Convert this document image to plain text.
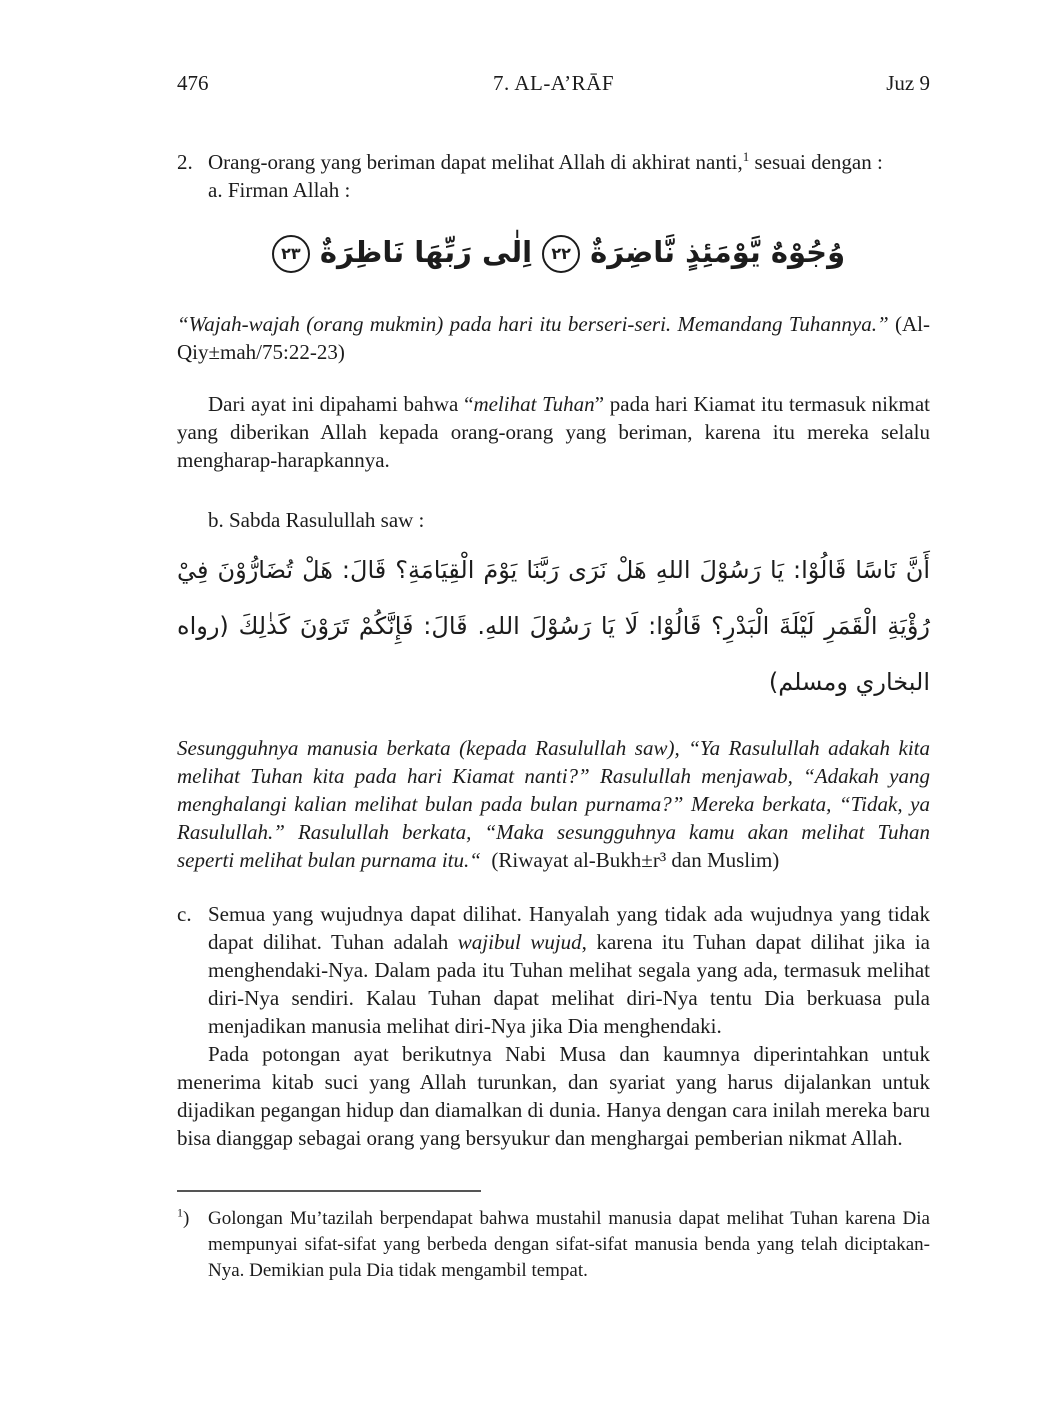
476	7. AL-A’RĀF	Juz 9

2. Orang-orang yang beriman dapat melihat Allah di akhirat nanti,$^1$ sesuai dengan :

a. Firman Allah :

وُجُوْهٌ يَّوْمَئِذٍ نَّاضِرَةٌ٢٢اِلٰى رَبِّهَا نَاظِرَةٌ٢٣

“Wajah-wajah (orang mukmin) pada hari itu berseri-seri. Memandang Tuhannya.” (Al-Qiy±mah/75:22-23)

Dari ayat ini dipahami bahwa “melihat Tuhan” pada hari Kiamat itu termasuk nikmat yang diberikan Allah kepada orang-orang yang beriman, karena itu mereka selalu mengharap-harapkannya.

b. Sabda Rasulullah saw :

أَنَّ نَاسًا قَالُوْا: يَا رَسُوْلَ اللهِ هَلْ نَرَى رَبَّنَا يَوْمَ الْقِيَامَةِ؟ قَالَ: هَلْ تُضَارُّوْنَ فِيْ رُؤْيَةِ الْقَمَرِ لَيْلَةَ الْبَدْرِ؟ قَالُوْا: لَا يَا رَسُوْلَ اللهِ. قَالَ: فَإِنَّكُمْ تَرَوْنَ كَذٰلِكَ (رواه البخاري ومسلم)

Sesungguhnya manusia berkata (kepada Rasulullah saw), “Ya Rasulullah adakah kita melihat Tuhan kita pada hari Kiamat nanti?” Rasulullah menjawab, “Adakah yang menghalangi kalian melihat bulan pada bulan purnama?” Mereka berkata, “Tidak, ya Rasulullah.” Rasulullah berkata, “Maka sesungguhnya kamu akan melihat Tuhan seperti melihat bulan purnama itu.“ (Riwayat al-Bukh±r³ dan Muslim)

c. Semua yang wujudnya dapat dilihat. Hanyalah yang tidak ada wujudnya yang tidak dapat dilihat. Tuhan adalah wajibul wujud, karena itu Tuhan dapat dilihat jika ia menghendaki-Nya. Dalam pada itu Tuhan melihat segala yang ada, termasuk melihat diri-Nya sendiri. Kalau Tuhan dapat melihat diri-Nya tentu Dia berkuasa pula menjadikan manusia melihat diri-Nya jika Dia menghendaki.

Pada potongan ayat berikutnya Nabi Musa dan kaumnya diperintahkan untuk menerima kitab suci yang Allah turunkan, dan syariat yang harus dijalankan untuk dijadikan pegangan hidup dan diamalkan di dunia. Hanya dengan cara inilah mereka baru bisa dianggap sebagai orang yang bersyukur dan menghargai pemberian nikmat Allah.

$^1$) Golongan Mu’tazilah berpendapat bahwa mustahil manusia dapat melihat Tuhan karena Dia mempunyai sifat-sifat yang berbeda dengan sifat-sifat manusia benda yang telah diciptakan-Nya. Demikian pula Dia tidak mengambil tempat.
